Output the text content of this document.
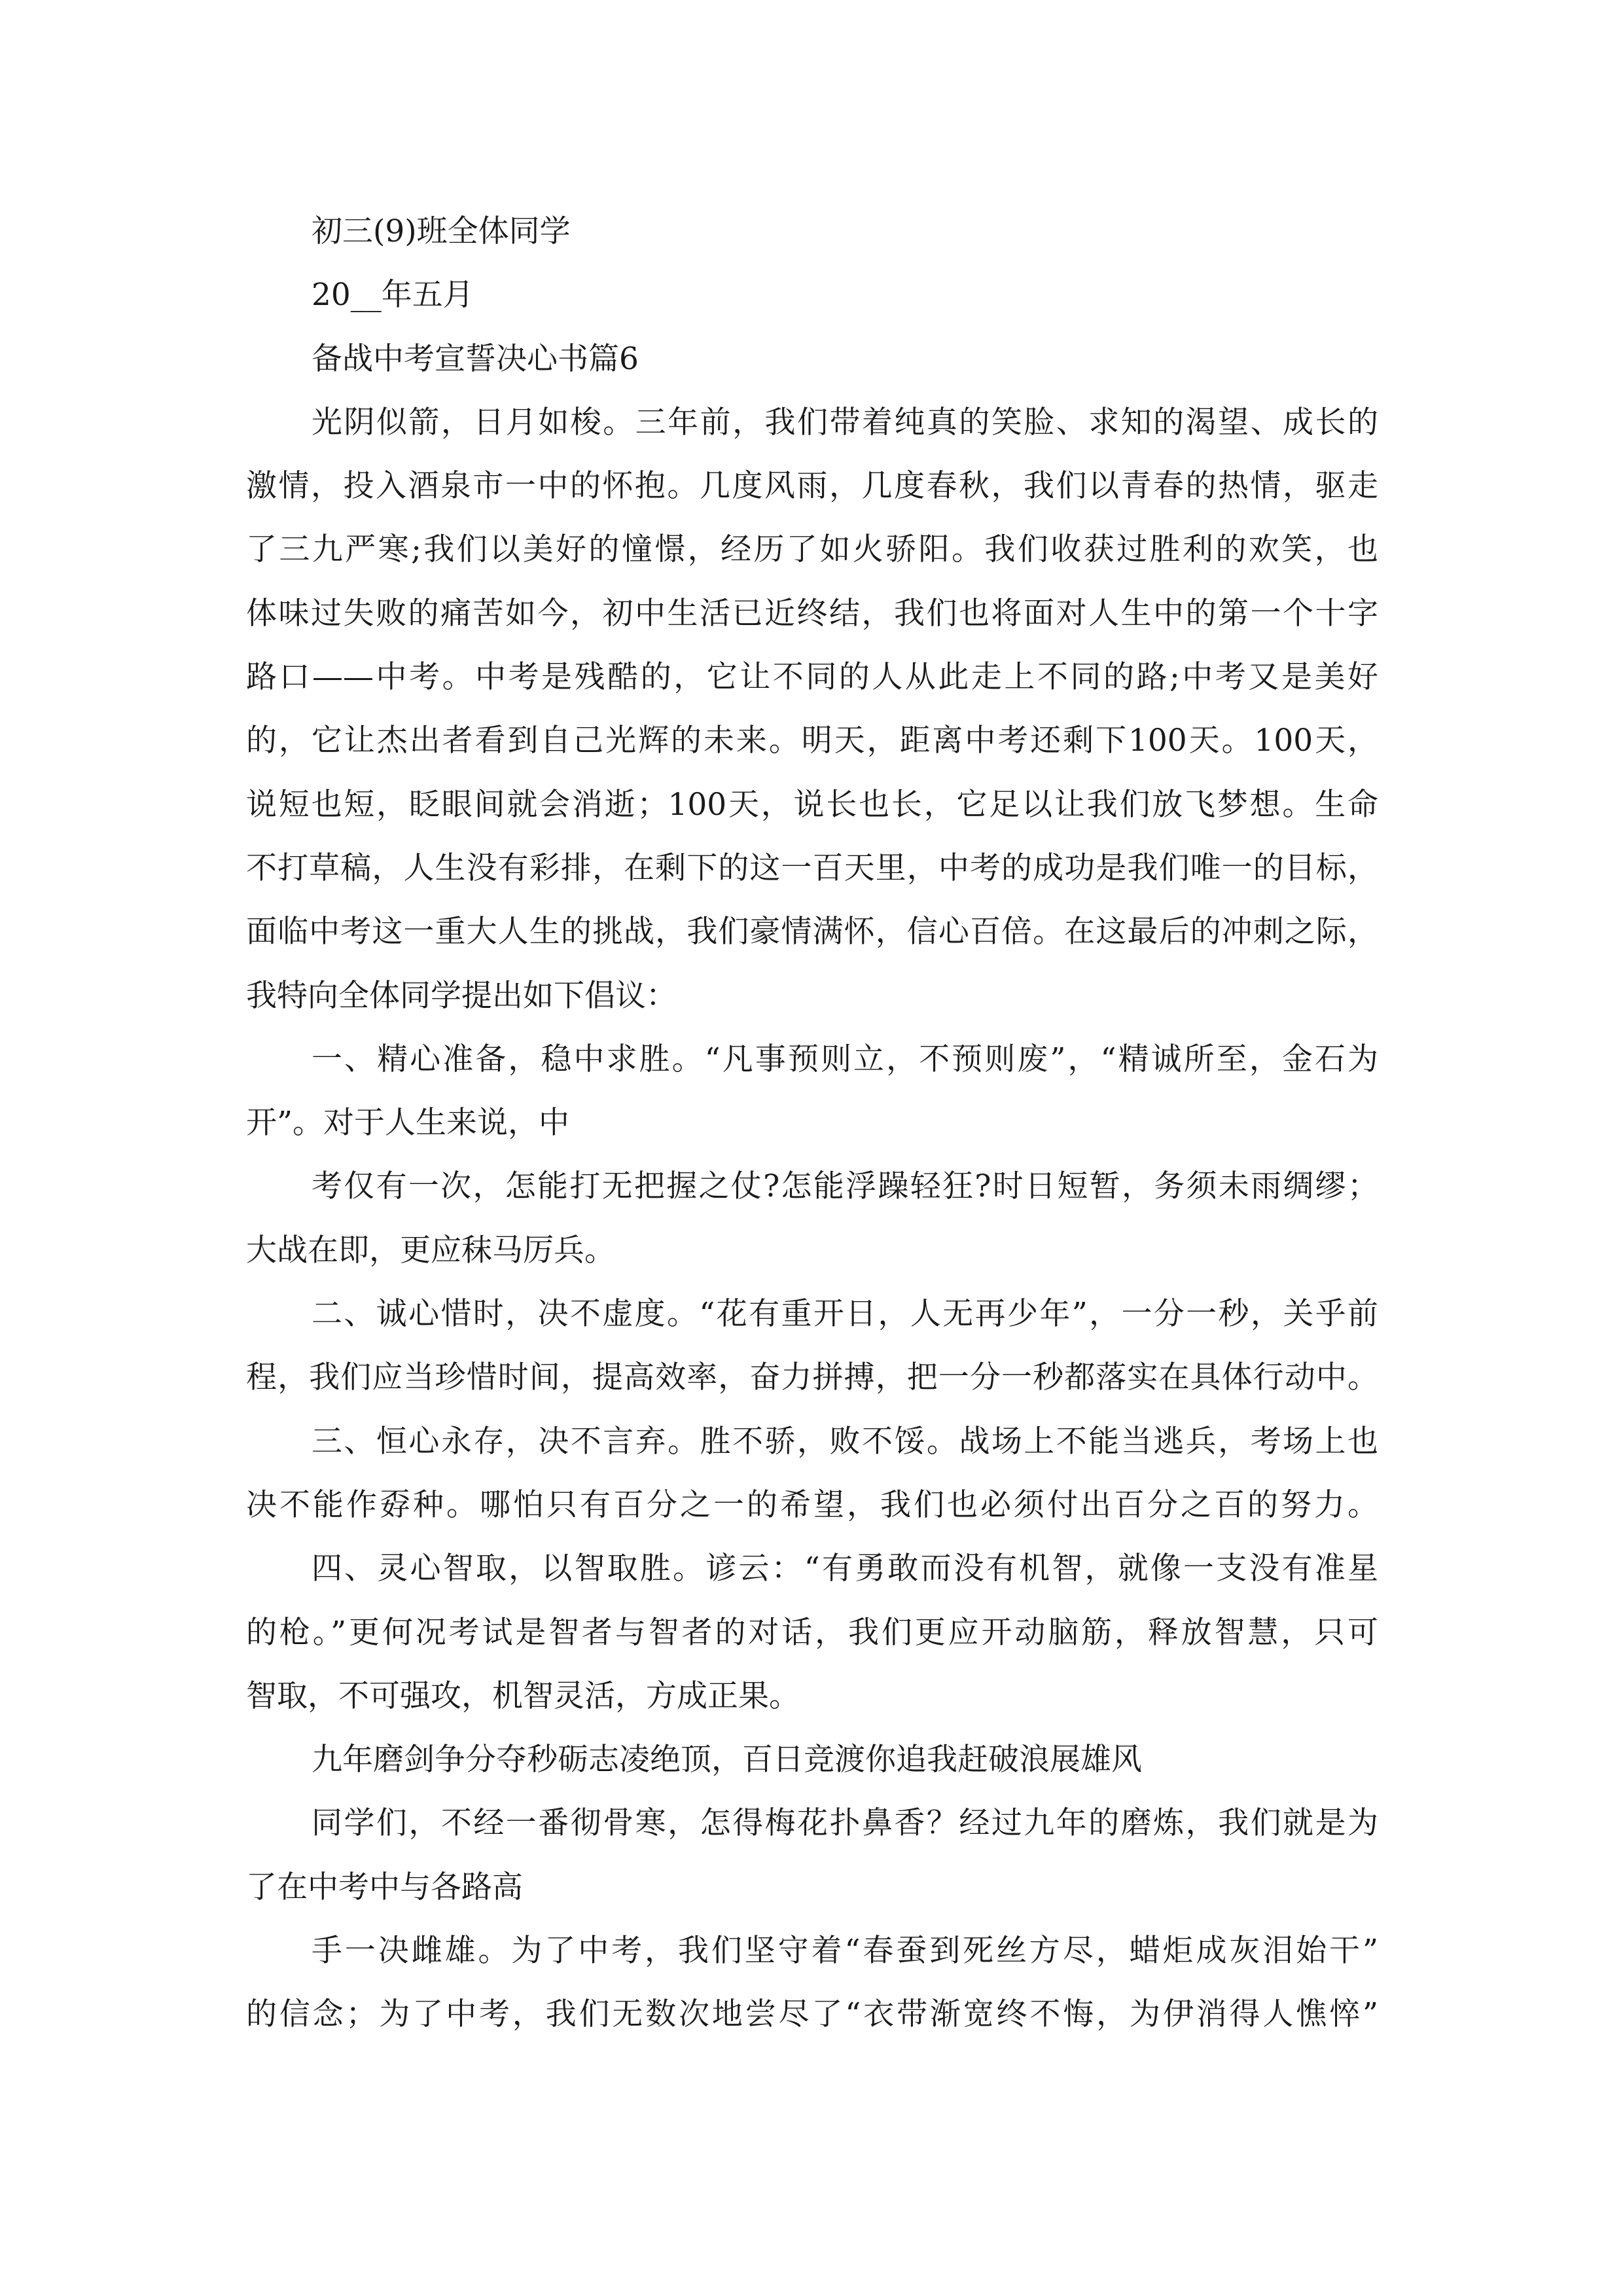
初三(9)班全体同学
20__年五月
备战中考宣誓决心书篇6
光阴似箭，日月如梭。三年前，我们带着纯真的笑脸、求知的渴望、成长的
激情，投入酒泉市一中的怀抱。几度风雨，几度春秋，我们以青春的热情，驱走
了三九严寒;我们以美好的憧憬，经历了如火骄阳。我们收获过胜利的欢笑，也
体味过失败的痛苦如今，初中生活已近终结，我们也将面对人生中的第一个十字
路口——中考。中考是残酷的，它让不同的人从此走上不同的路;中考又是美好
的，它让杰出者看到自己光辉的未来。明天，距离中考还剩下100天。100天，
说短也短，眨眼间就会消逝；100天，说长也长，它足以让我们放飞梦想。生命
不打草稿，人生没有彩排，在剩下的这一百天里，中考的成功是我们唯一的目标，
面临中考这一重大人生的挑战，我们豪情满怀，信心百倍。在这最后的冲刺之际，
我特向全体同学提出如下倡议：
一、精心准备，稳中求胜。“凡事预则立，不预则废”，“精诚所至，金石为
开”。对于人生来说，中
考仅有一次，怎能打无把握之仗?怎能浮躁轻狂?时日短暂，务须未雨绸缪；
大战在即，更应秣马厉兵。
二、诚心惜时，决不虚度。“花有重开日，人无再少年”，一分一秒，关乎前
程，我们应当珍惜时间，提高效率，奋力拼搏，把一分一秒都落实在具体行动中。
三、恒心永存，决不言弃。胜不骄，败不馁。战场上不能当逃兵，考场上也
决不能作孬种。哪怕只有百分之一的希望，我们也必须付出百分之百的努力。
四、灵心智取，以智取胜。谚云：“有勇敢而没有机智，就像一支没有准星
的枪。”更何况考试是智者与智者的对话，我们更应开动脑筋，释放智慧，只可
智取，不可强攻，机智灵活，方成正果。
九年磨剑争分夺秒砺志凌绝顶，百日竞渡你追我赶破浪展雄风
同学们，不经一番彻骨寒，怎得梅花扑鼻香？经过九年的磨炼，我们就是为
了在中考中与各路高
手一决雌雄。为了中考，我们坚守着“春蚕到死丝方尽，蜡炬成灰泪始干”
的信念；为了中考，我们无数次地尝尽了“衣带渐宽终不悔，为伊消得人憔悴”
